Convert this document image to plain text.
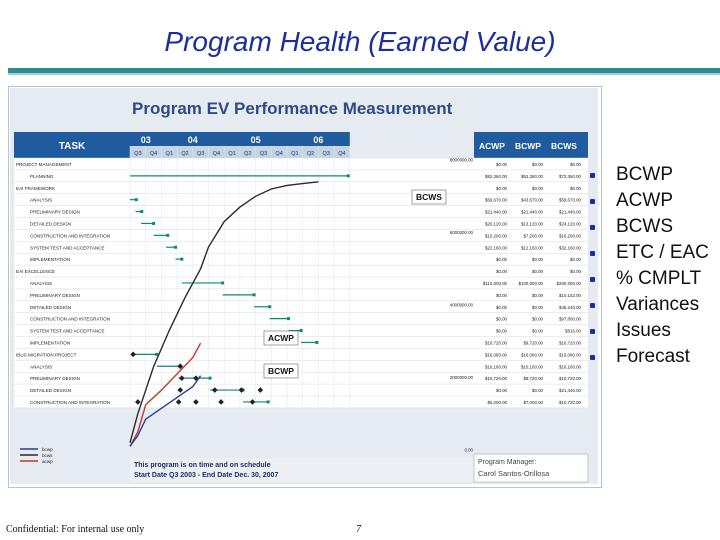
Program Health (Earned Value)
Program EV Performance Measurement
TASK
03	04	05	06
Q3 Q4 Q1 Q2 Q3 Q4 Q1 Q2 Q3 Q4 Q1 Q2 Q3 Q4
ACWP BCWP BCWS
PROJECT MANAGEMENT	$0.00	$0.00	$0.00
PLANNING	$52,360.00	$52,360.00	$72,360.00
EAI FRAMEWORK	$0.00	$0.00	$0.00
ANALYSIS	$59,670.00	$43,670.00	$59,670.00
PRELIMINARY DESIGN	$21,440.00	$21,440.00	$21,440.00
DETAILED DESIGN	$20,120.00	$13,120.00	$24,120.00
CONSTRUCTION AND INTEGRATION	$10,200.00	$7,200.00	$16,200.00
SYSTEM TEST AND ACCEPTANCE	$22,160.00	$12,160.00	$32,160.00
IMPLEMENTATION	$0.00	$0.00	$0.00
EAI EXCELLENCE	$0.00	$0.00	$0.00
ANALYSIS	$110,000.00	$100,000.00	$200,000.00
PRELIMINARY DESIGN	$0.00	$0.00	$10,152.00
DETAILED DESIGN	$0.00	$0.00	$45,240.00
CONSTRUCTION AND INTEGRATION	$0.00	$0.00	$97,800.00
SYSTEM TEST AND ACCEPTANCE	$0.00	$0.00	$516.00
IMPLEMENTATION	$10,720.00	$9,720.00	$10,720.00
IBUS MIGRATION PROJECT	$16,080.00	$16,080.00	$16,080.00
ANALYSIS	$16,160.00	$10,160.00	$16,160.00
PRELIMINARY DESIGN	$10,720.00	$9,720.00	$10,720.00
DETAILED DESIGN	$0.00	$0.00	$21,440.00
CONSTRUCTION AND INTEGRATION	$5,000.00	$7,000.00	$10,720.00
0.00
2000000.00
4000000.00
6000000.00
8000000.00
BCWS
ACWP
BCWP
bcwp
bcws
acwp
This program is on time and on schedule
Start Date Q3 2003 - End Date Dec. 30, 2007
Program Manager:
Carol Santos-Orillosa
BCWP
ACWP
BCWS
ETC / EAC
% CMPLT
Variances
Issues
Forecast
Confidential: For internal use only	7
